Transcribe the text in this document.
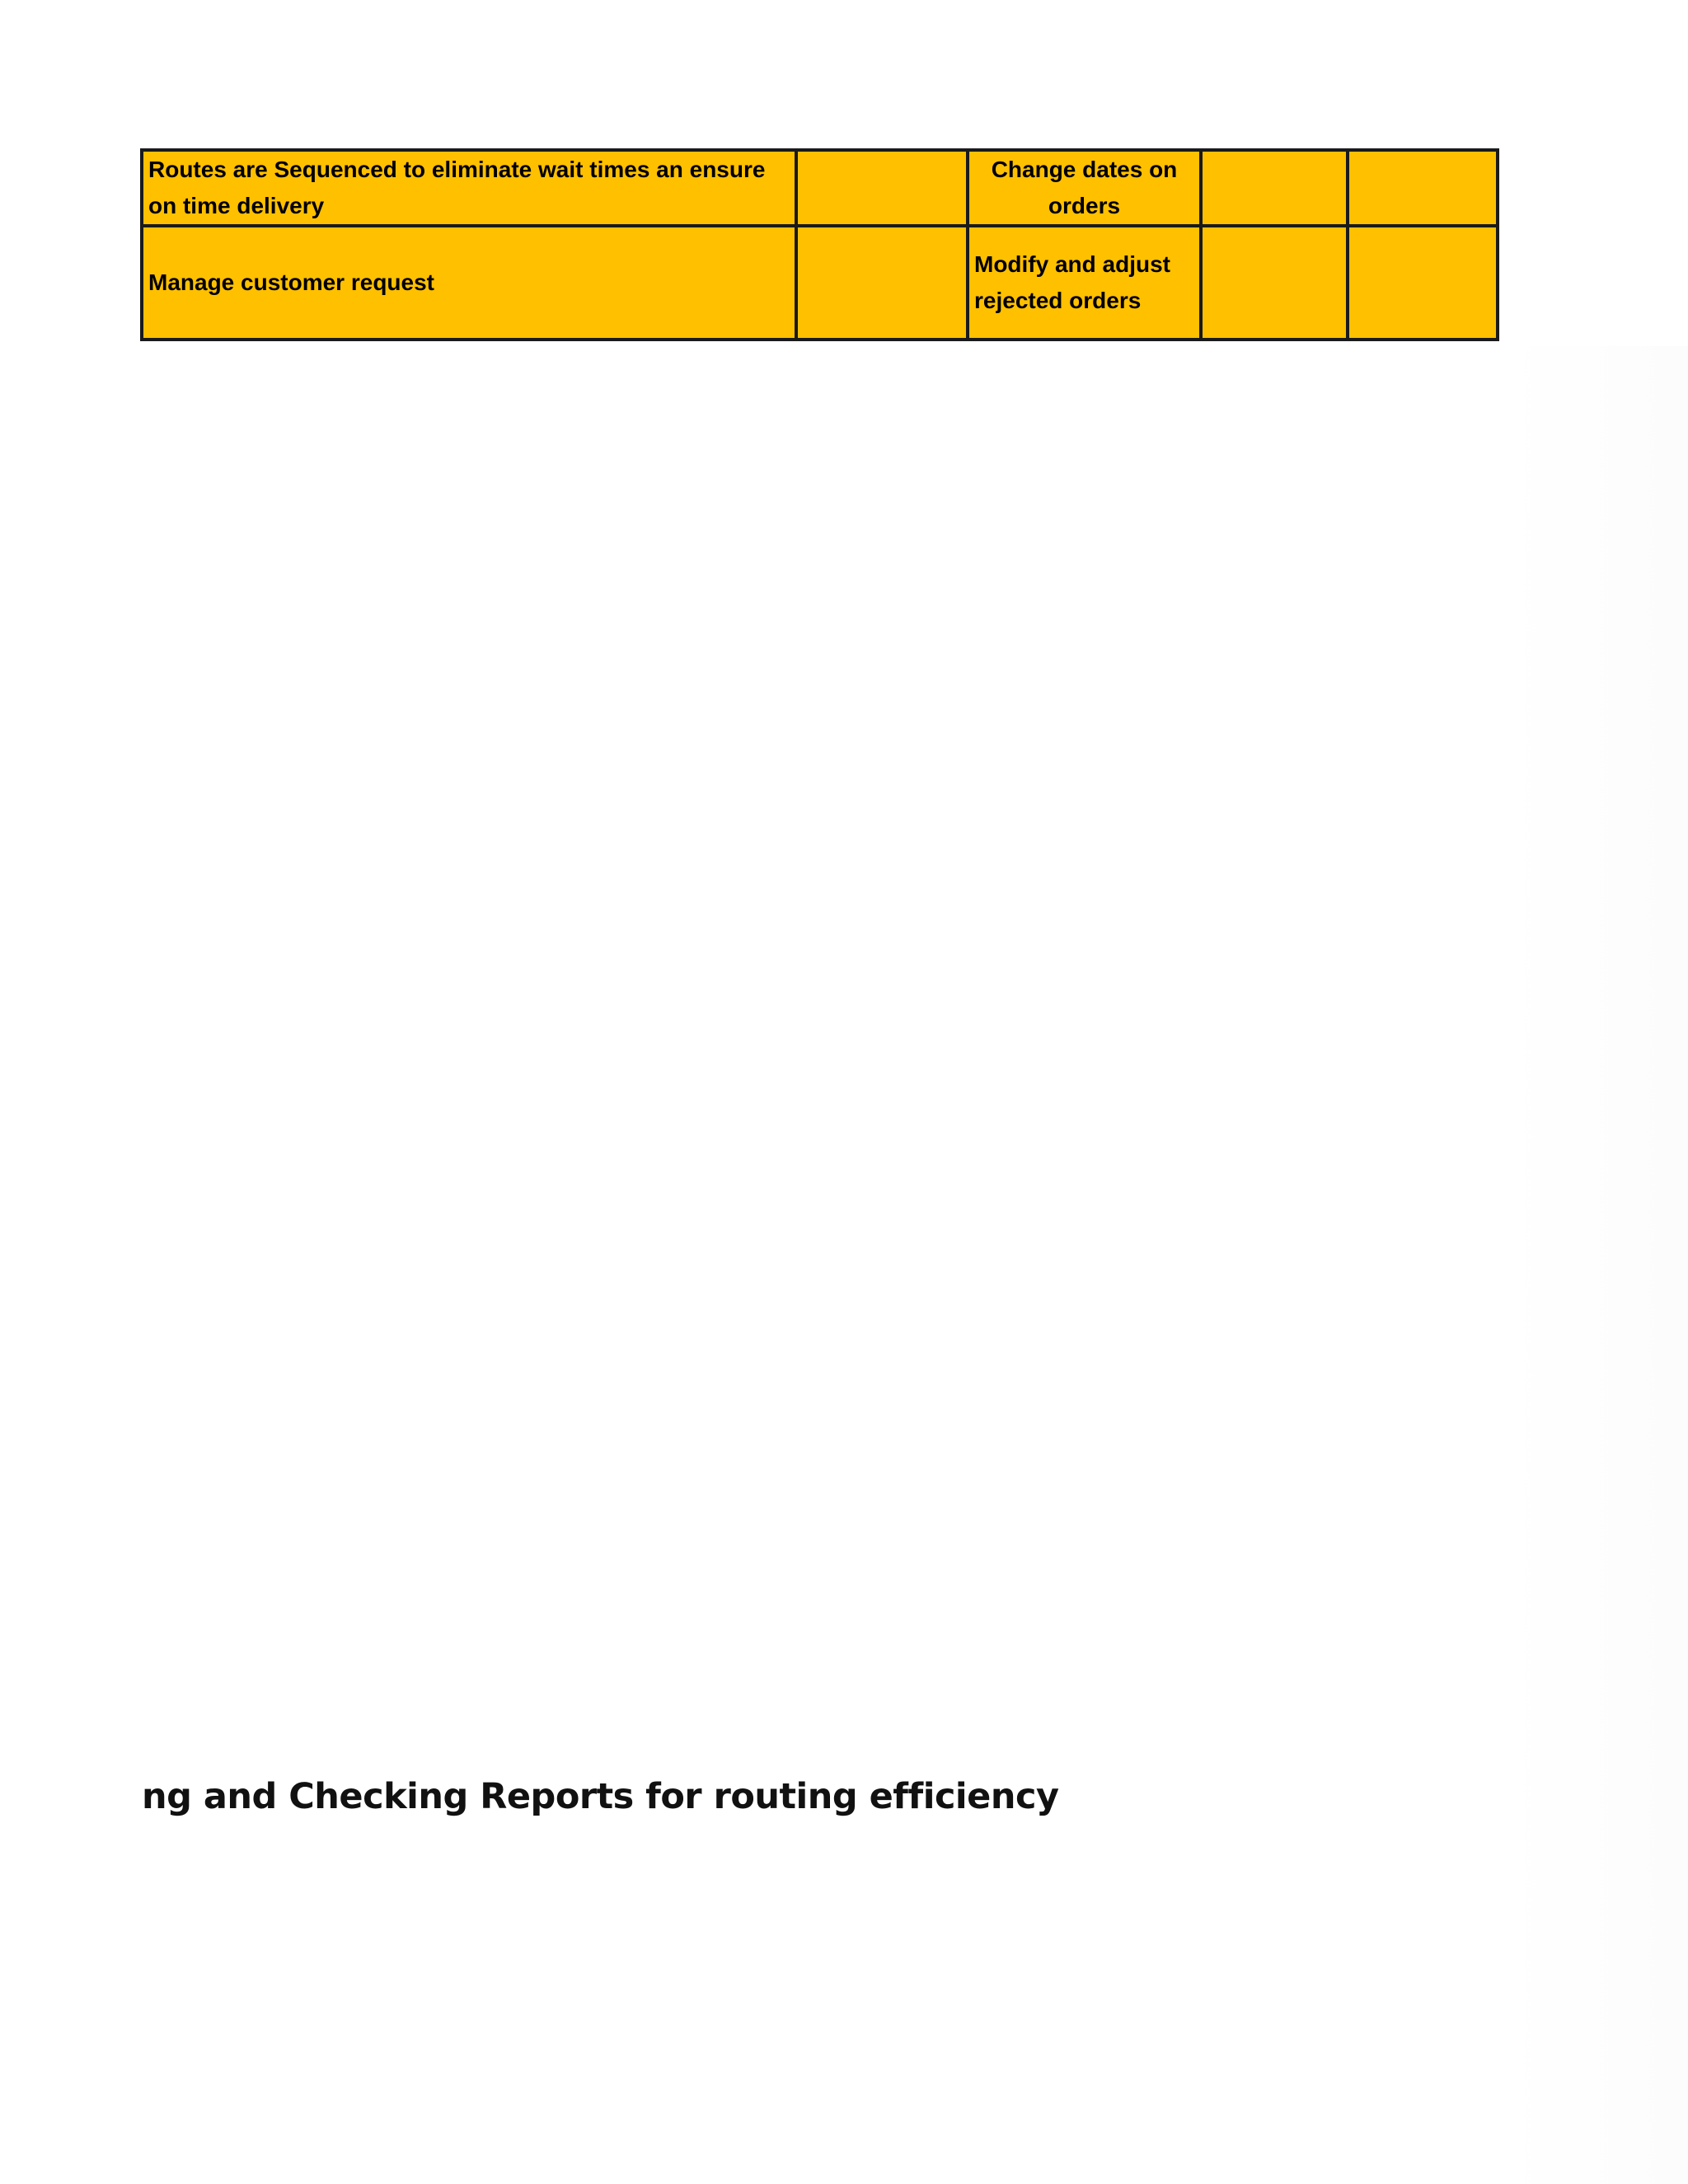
Routes are Sequenced to eliminate wait times an ensure on time delivery		Change dates on orders		
Manage customer request		Modify and adjust rejected orders		
ng and Checking Reports for routing efficiency
